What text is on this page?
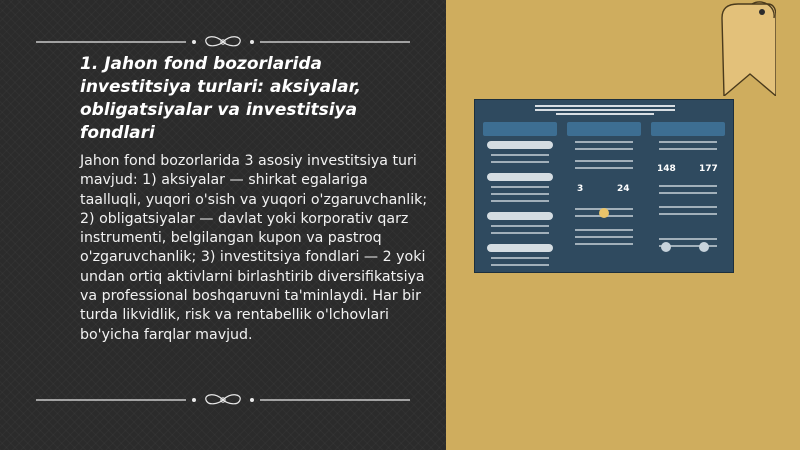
1. Jahon fond bozorlarida investitsiya turlari: aksiyalar, obligatsiyalar va investitsiya fondlari

Jahon fond bozorlarida 3 asosiy investitsiya turi mavjud: 1) aksiyalar — shirkat egalariga taalluqli, yuqori o'sish va yuqori o'zgaruvchanlik; 2) obligatsiyalar — davlat yoki korporativ qarz instrumenti, belgilangan kupon va pastroq o'zgaruvchanlik; 3) investitsiya fondlari — 2 yoki undan ortiq aktivlarni birlashtirib diversifikatsiya va professional boshqaruvni ta'minlaydi. Har bir turda likvidlik, risk va rentabellik o'lchovlari bo'yicha farqlar mavjud.

3	24
148	177
